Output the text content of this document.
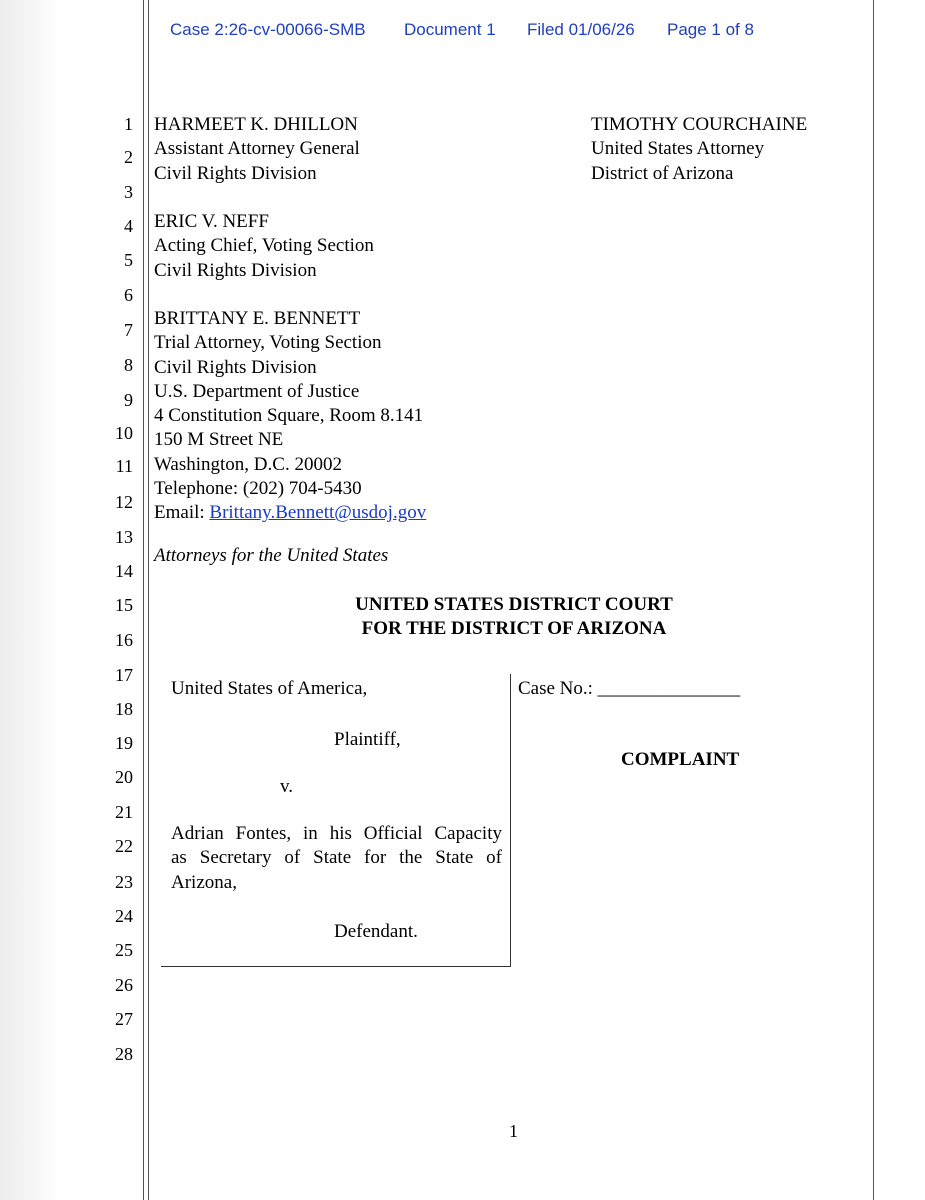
Case 2:26-cv-00066-SMB Document 1 Filed 01/06/26 Page 1 of 8
1
2
3
4
5
6
7
8
9
10
11
12
13
14
15
16
17
18
19
20
21
22
23
24
25
26
27
28
HARMEET K. DHILLON
Assistant Attorney General
Civil Rights Division
TIMOTHY COURCHAINE
United States Attorney
District of Arizona
ERIC V. NEFF
Acting Chief, Voting Section
Civil Rights Division
BRITTANY E. BENNETT
Trial Attorney, Voting Section
Civil Rights Division
U.S. Department of Justice
4 Constitution Square, Room 8.141
150 M Street NE
Washington, D.C. 20002
Telephone: (202) 704-5430
Email: Brittany.Bennett@usdoj.gov
Attorneys for the United States
UNITED STATES DISTRICT COURT
FOR THE DISTRICT OF ARIZONA
United States of America,
Plaintiff,
v.
Adrian Fontes, in his Official Capacity
as Secretary of State for the State of
Arizona,
Defendant.
Case No.: _______________
COMPLAINT
1
